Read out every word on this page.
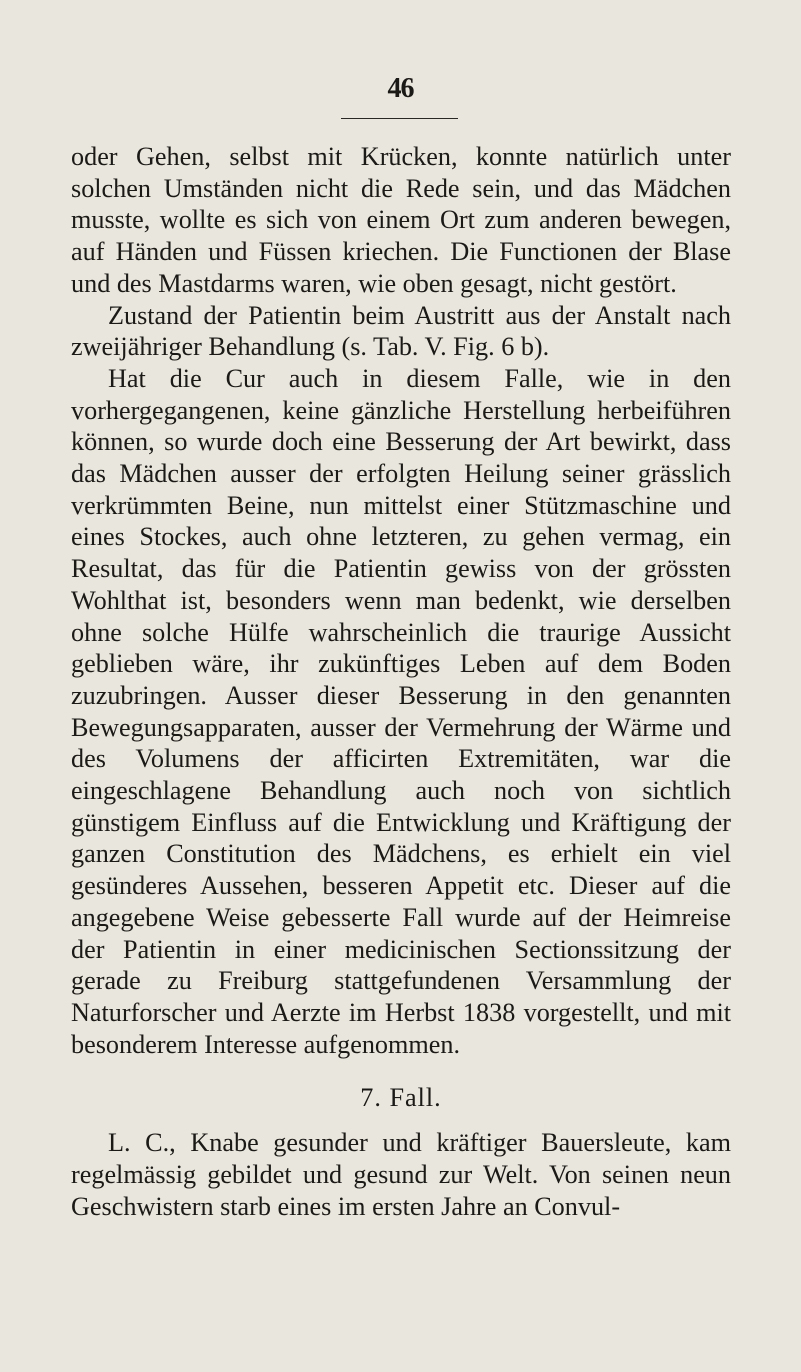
46

oder Gehen, selbst mit Krücken, konnte natürlich unter solchen Umständen nicht die Rede sein, und das Mädchen musste, wollte es sich von einem Ort zum anderen bewegen, auf Händen und Füssen kriechen. Die Functionen der Blase und des Mastdarms waren, wie oben gesagt, nicht gestört.

Zustand der Patientin beim Austritt aus der Anstalt nach zweijähriger Behandlung (s. Tab. V. Fig. 6 b).

Hat die Cur auch in diesem Falle, wie in den vorhergegangenen, keine gänzliche Herstellung herbeiführen können, so wurde doch eine Besserung der Art bewirkt, dass das Mädchen ausser der erfolgten Heilung seiner grässlich verkrümmten Beine, nun mittelst einer Stützmaschine und eines Stockes, auch ohne letzteren, zu gehen vermag, ein Resultat, das für die Patientin gewiss von der grössten Wohlthat ist, besonders wenn man bedenkt, wie derselben ohne solche Hülfe wahrscheinlich die traurige Aussicht geblieben wäre, ihr zukünftiges Leben auf dem Boden zuzubringen. Ausser dieser Besserung in den genannten Bewegungsapparaten, ausser der Vermehrung der Wärme und des Volumens der afficirten Extremitäten, war die eingeschlagene Behandlung auch noch von sichtlich günstigem Einfluss auf die Entwicklung und Kräftigung der ganzen Constitution des Mädchens, es erhielt ein viel gesünderes Aussehen, besseren Appetit etc. Dieser auf die angegebene Weise gebesserte Fall wurde auf der Heimreise der Patientin in einer medicinischen Sectionssitzung der gerade zu Freiburg stattgefundenen Versammlung der Naturforscher und Aerzte im Herbst 1838 vorgestellt, und mit besonderem Interesse aufgenommen.

7. Fall.

L. C., Knabe gesunder und kräftiger Bauersleute, kam regelmässig gebildet und gesund zur Welt. Von seinen neun Geschwistern starb eines im ersten Jahre an Convul-
